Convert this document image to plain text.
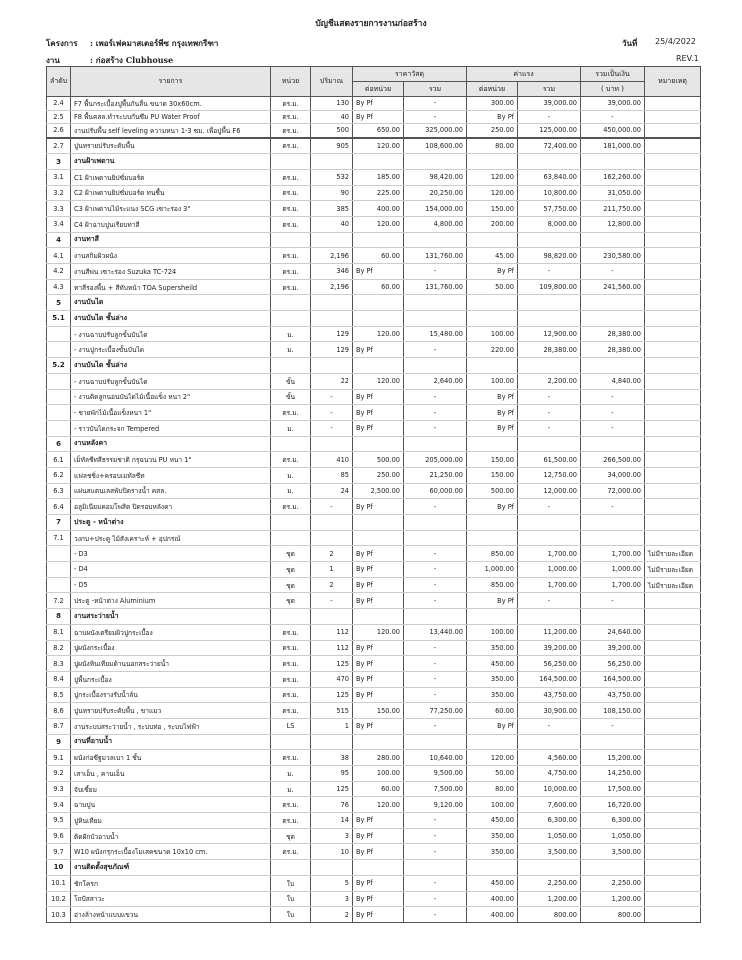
บัญชีแสดงรายการงานก่อสร้าง
โครงการ : เพอร์เฟคมาสเตอร์พีซ กรุงเทพกรีฑา
งาน	: ก่อสร้าง Clubhouse
วันที่ 25/4/2022
REV.1
ลำดับ	รายการ	หน่วย	ปริมาณ	ราคาวัสดุ		ค่าแรง		รวมเป็นเงิน	หมายเหตุ
				ต่อหน่วย	รวม	ต่อหน่วย	รวม	( บาท )	
2.4	F7 พื้นกระเบื้องปูพื้นกันลื่น ขนาด 30x60cm.	ตร.ม.	130	By Pf	-	300.00	39,000.00	39,000.00	
2.5	F8 พื้นคสล.ทำระบบกันซึม PU Water Proof	ตร.ม.	40	By Pf	-	By Pf	-	-	
2.6	งานปรับพื้น self leveling ความหนา 1-3 ซม. เพื่อปูพื้น F6	ตร.ม.	500	650.00	325,000.00	250.00	125,000.00	450,000.00	
2.7	ปูนทรายปรับระดับพื้น	ตร.ม.	905	120.00	108,600.00	80.00	72,400.00	181,000.00	
3	งานฝ้าเพดาน								
3.1	C1 ฝ้าเพดานยิปซั่มบอร์ด	ตร.ม.	532	185.00	98,420.00	120.00	63,840.00	162,260.00	
3.2	C2 ฝ้าเพดานยิปซั่มบอร์ด ทนชื้น	ตร.ม.	90	225.00	20,250.00	120.00	10,800.00	31,050.00	
3.3	C3 ฝ้าเพดานไม้ระแนง SCG เซาะร่อง 3"	ตร.ม.	385	400.00	154,000.00	150.00	57,750.00	211,750.00	
3.4	C4 ฝ้าฉาบปูนเรียบทาสี	ตร.ม.	40	120.00	4,800.00	200.00	8,000.00	12,800.00	
4	งานทาสี								
4.1	งานสกิมผิวผนัง	ตร.ม.	2,196	60.00	131,760.00	45.00	98,820.00	230,580.00	
4.2	งานสีพ่น เซาะร่อง Suzuka TC-724	ตร.ม.	346	By Pf	-	By Pf	-	-	
4.3	ทาสีรองพื้น + สีทับหน้า TOA Supersheild	ตร.ม.	2,196	60.00	131,760.00	50.00	109,800.00	241,560.00	
5	งานบันได								
5.1	งานบันได ชั้นล่าง								
	- งานฉาบปรับลูกขั้นบันได	ม.	129	120.00	15,480.00	100.00	12,900.00	28,380.00	
	- งานปูกระเบื้องขั้นบันได	ม.	129	By Pf	-	220.00	28,380.00	28,380.00	
5.2	งานบันได ชั้นล่าง								
	- งานฉาบปรับลูกขั้นบันได	ขั้น	22	120.00	2,640.00	100.00	2,200.00	4,840.00	
	- งานติดลูกนอนบันไดไม้เนื้อแข็ง หนา 2"	ขั้น	-	By Pf	-	By Pf	-	-	
	- ชายพักไม้เนื้อแข็งหนา 1"	ตร.ม.	-	By Pf	-	By Pf	-	-	
	- ราวบันไดกระจก Tempered	ม.	-	By Pf	-	By Pf	-	-	
6	งานหลังคา								
6.1	เม็ทัลชีทสีธรรมชาติ กรุฉนวน PU หนา 1"	ตร.ม.	410	500.00	205,000.00	150.00	61,500.00	266,500.00	
6.2	แฟลชชิ่ง+ครอบเมทัลชีท	ม.	85	250.00	21,250.00	150.00	12,750.00	34,000.00	
6.3	แผ่นสแตนเลสพับปิดรางน้ำ คสล.	ม.	24	2,500.00	60,000.00	500.00	12,000.00	72,000.00	
6.4	อลูมิเนียมคอมโพสิต ปิดรอบหลังคา	ตร.ม.	-	By Pf	-	By Pf	-	-	
7	ประตู - หน้าต่าง								
7.1	วงกบ+ประตู ไม้สังเคราะห์ + อุปกรณ์								
	- D3	ชุด	2	By Pf	-	850.00	1,700.00	1,700.00	ไม่มีรายละเอียด
	- D4	ชุด	1	By Pf	-	1,000.00	1,000.00	1,000.00	ไม่มีรายละเอียด
	- D5	ชุด	2	By Pf	-	850.00	1,700.00	1,700.00	ไม่มีรายละเอียด
7.2	ประตู -หน้าต่าง Aluminium	ชุด	-	By Pf	-	By Pf	-	-	
8	งานสระว่ายน้ำ								
8.1	ฉาบผนังเตรียมผิวปูกระเบื้อง	ตร.ม.	112	120.00	13,440.00	100.00	11,200.00	24,640.00	
8.2	ปูผนังกระเบื้อง	ตร.ม.	112	By Pf	-	350.00	39,200.00	39,200.00	
8.3	ปูผนังหินเทียมด้านนอกสระว่ายน้ำ	ตร.ม.	125	By Pf	-	450.00	56,250.00	56,250.00	
8.4	ปูพื้นกระเบื้อง	ตร.ม.	470	By Pf	-	350.00	164,500.00	164,500.00	
8.5	ปูกระเบื้องรางรับน้ำล้น	ตร.ม.	125	By Pf	-	350.00	43,750.00	43,750.00	
8.6	ปูนทรายปรับระดับพื้น , ขาแมว	ตร.ม.	515	150.00	77,250.00	60.00	30,900.00	108,150.00	
8.7	งานระบบสระว่ายน้ำ , ระบบท่อ , ระบบไฟฟ้า	LS	1	By Pf	-	By Pf	-	-	
9	งานที่อาบน้ำ								
9.1	ผนังก่อซีฐมวลเบา 1 ชั้น	ตร.ม.	38	280.00	10,640.00	120.00	4,560.00	15,200.00	
9.2	เสาเอ็น , คานเอ็น	ม.	95	100.00	9,500.00	50.00	4,750.00	14,250.00	
9.3	จับเซี้ยม	ม.	125	60.00	7,500.00	80.00	10,000.00	17,500.00	
9.4	ฉาบปูน	ตร.ม.	76	120.00	9,120.00	100.00	7,600.00	16,720.00	
9.5	ปูหินเทียม	ตร.ม.	14	By Pf	-	450.00	6,300.00	6,300.00	
9.6	ติดฝักบัวอาบน้ำ	ชุด	3	By Pf	-	350.00	1,050.00	1,050.00	
9.7	W10 ผนังกรุกระเบื้องโมเสคขนาด 10x10 cm.	ตร.ม.	10	By Pf	-	350.00	3,500.00	3,500.00	
10	งานติดตั้งสุขภัณฑ์								
10.1	ชักโครก	ใบ	5	By Pf	-	450.00	2,250.00	2,250.00	
10.2	โถปัสสาวะ	ใบ	3	By Pf	-	400.00	1,200.00	1,200.00	
10.3	อ่างล้างหน้าแบบแขวน	ใบ	2	By Pf	-	400.00	800.00	800.00	
